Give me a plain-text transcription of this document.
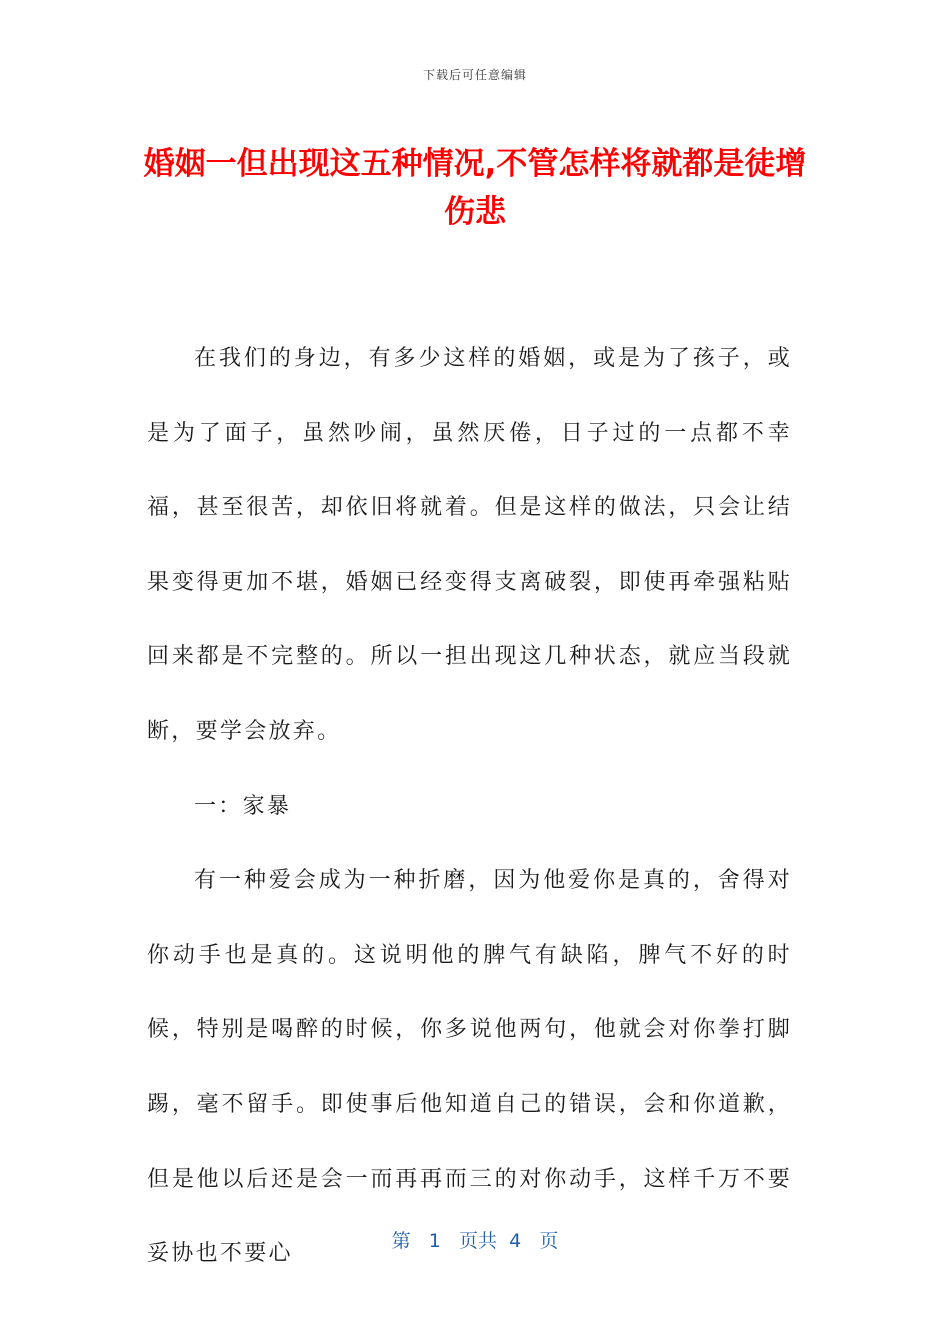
下载后可任意编辑
婚姻一但出现这五种情况,不管怎样将就都是徒增伤悲

在我们的身边，有多少这样的婚姻，或是为了孩子，或是为了面子，虽然吵闹，虽然厌倦，日子过的一点都不幸福，甚至很苦，却依旧将就着。但是这样的做法，只会让结果变得更加不堪，婚姻已经变得支离破裂，即使再牵强粘贴回来都是不完整的。所以一担出现这几种状态，就应当段就断，要学会放弃。

一：家暴

有一种爱会成为一种折磨，因为他爱你是真的，舍得对你动手也是真的。这说明他的脾气有缺陷，脾气不好的时候，特别是喝醉的时候，你多说他两句，他就会对你拳打脚踢，毫不留手。即使事后他知道自己的错误，会和你道歉，但是他以后还是会一而再再而三的对你动手，这样千万不要妥协也不要心

第 1 页共 4 页
